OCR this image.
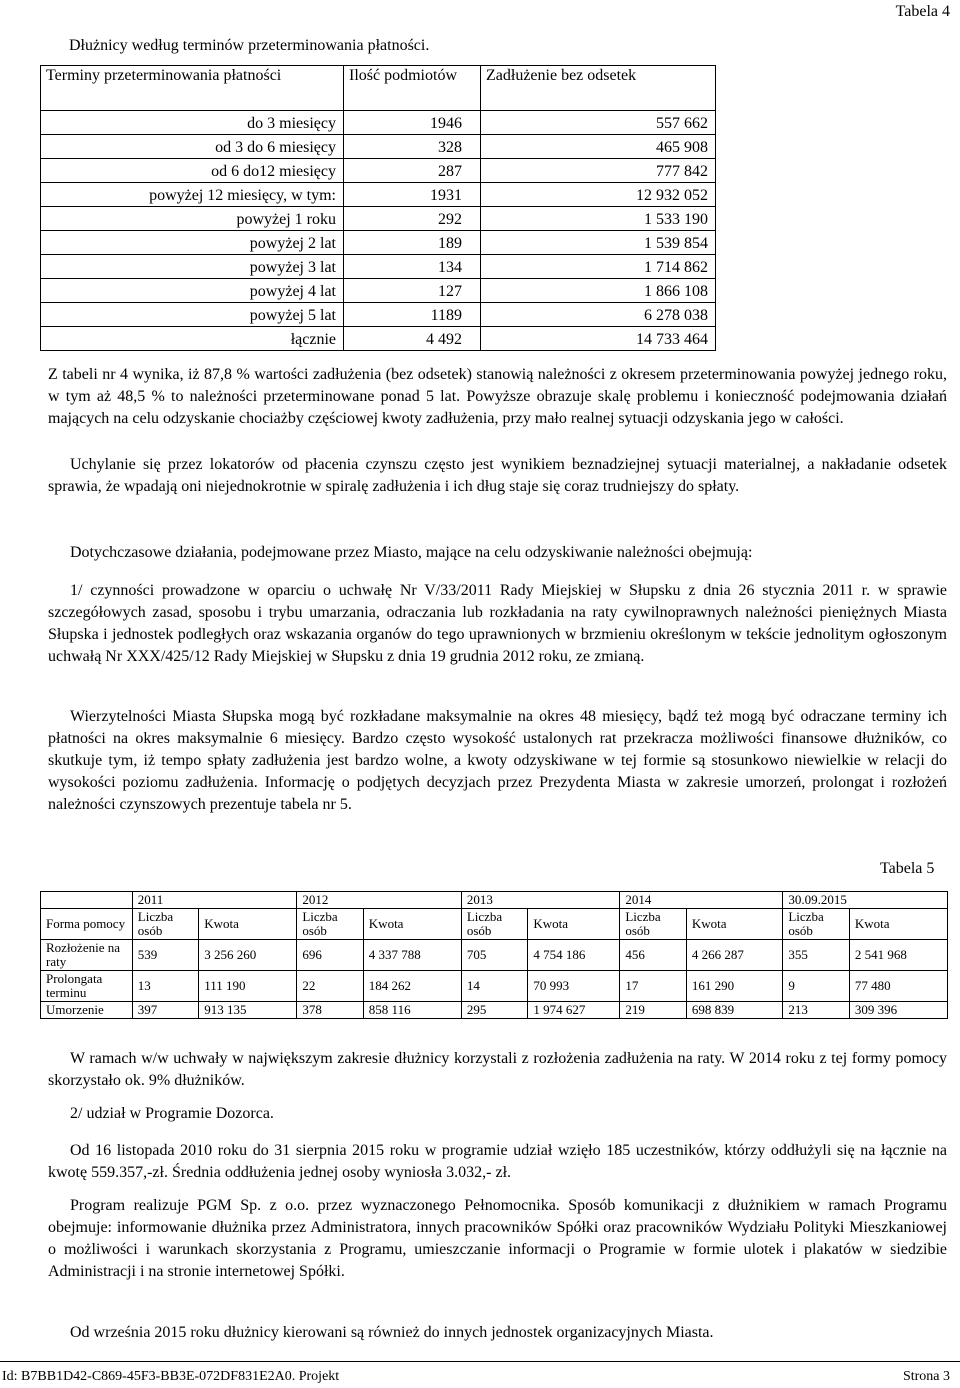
Tabela 4
Dłużnicy według terminów przeterminowania płatności.
Terminy przeterminowania płatności	Ilość podmiotów	Zadłużenie bez odsetek
do 3 miesięcy	1946	557 662
od 3 do 6 miesięcy	328	465 908
od 6 do12 miesięcy	287	777 842
powyżej 12 miesięcy, w tym:	1931	12 932 052
powyżej 1 roku	292	1 533 190
powyżej 2 lat	189	1 539 854
powyżej 3 lat	134	1 714 862
powyżej 4 lat	127	1 866 108
powyżej 5 lat	1189	6 278 038
łącznie	4 492	14 733 464

Z tabeli nr 4 wynika, iż 87,8 % wartości zadłużenia (bez odsetek) stanowią należności z okresem przeterminowania powyżej jednego roku, w tym aż 48,5 % to należności przeterminowane ponad 5 lat. Powyższe obrazuje skalę problemu i konieczność podejmowania działań mających na celu odzyskanie chociażby częściowej kwoty zadłużenia, przy mało realnej sytuacji odzyskania jego w całości.

Uchylanie się przez lokatorów od płacenia czynszu często jest wynikiem beznadziejnej sytuacji materialnej, a nakładanie odsetek sprawia, że wpadają oni niejednokrotnie w spiralę zadłużenia i ich dług staje się coraz trudniejszy do spłaty.

Dotychczasowe działania, podejmowane przez Miasto, mające na celu odzyskiwanie należności obejmują:

1/ czynności prowadzone w oparciu o uchwałę Nr V/33/2011 Rady Miejskiej w Słupsku z dnia 26 stycznia 2011 r. w sprawie szczegółowych zasad, sposobu i trybu umarzania, odraczania lub rozkładania na raty cywilnoprawnych należności pieniężnych Miasta Słupska i jednostek podległych oraz wskazania organów do tego uprawnionych w brzmieniu określonym w tekście jednolitym ogłoszonym uchwałą Nr XXX/425/12 Rady Miejskiej w Słupsku z dnia 19 grudnia 2012 roku, ze zmianą.

Wierzytelności Miasta Słupska mogą być rozkładane maksymalnie na okres 48 miesięcy, bądź też mogą być odraczane terminy ich płatności na okres maksymalnie 6 miesięcy. Bardzo często wysokość ustalonych rat przekracza możliwości finansowe dłużników, co skutkuje tym, iż tempo spłaty zadłużenia jest bardzo wolne, a kwoty odzyskiwane w tej formie są stosunkowo niewielkie w relacji do wysokości poziomu zadłużenia. Informację o podjętych decyzjach przez Prezydenta Miasta w zakresie umorzeń, prolongat i rozłożeń należności czynszowych prezentuje tabela nr 5.

Tabela 5
	2011		2012		2013		2014		30.09.2015	
Forma pomocy	Liczba osób	Kwota	Liczba osób	Kwota	Liczba osób	Kwota	Liczba osób	Kwota	Liczba osób	Kwota
Rozłożenie na raty	539	3 256 260	696	4 337 788	705	4 754 186	456	4 266 287	355	2 541 968
Prolongata terminu	13	111 190	22	184 262	14	70 993	17	161 290	9	77 480
Umorzenie	397	913 135	378	858 116	295	1 974 627	219	698 839	213	309 396

W ramach w/w uchwały w największym zakresie dłużnicy korzystali z rozłożenia zadłużenia na raty. W 2014 roku z tej formy pomocy skorzystało ok. 9% dłużników.

2/ udział w Programie Dozorca.

Od 16 listopada 2010 roku do 31 sierpnia 2015 roku w programie udział wzięło 185 uczestników, którzy oddłużyli się na łącznie na kwotę 559.357,-zł. Średnia oddłużenia jednej osoby wyniosła 3.032,- zł.

Program realizuje PGM Sp. z o.o. przez wyznaczonego Pełnomocnika. Sposób komunikacji z dłużnikiem w ramach Programu obejmuje: informowanie dłużnika przez Administratora, innych pracowników Spółki oraz pracowników Wydziału Polityki Mieszkaniowej o możliwości i warunkach skorzystania z Programu, umieszczanie informacji o Programie w formie ulotek i plakatów w siedzibie Administracji i na stronie internetowej Spółki.

Od września 2015 roku dłużnicy kierowani są również do innych jednostek organizacyjnych Miasta.

Id: B7BB1D42-C869-45F3-BB3E-072DF831E2A0. Projekt	Strona 3
